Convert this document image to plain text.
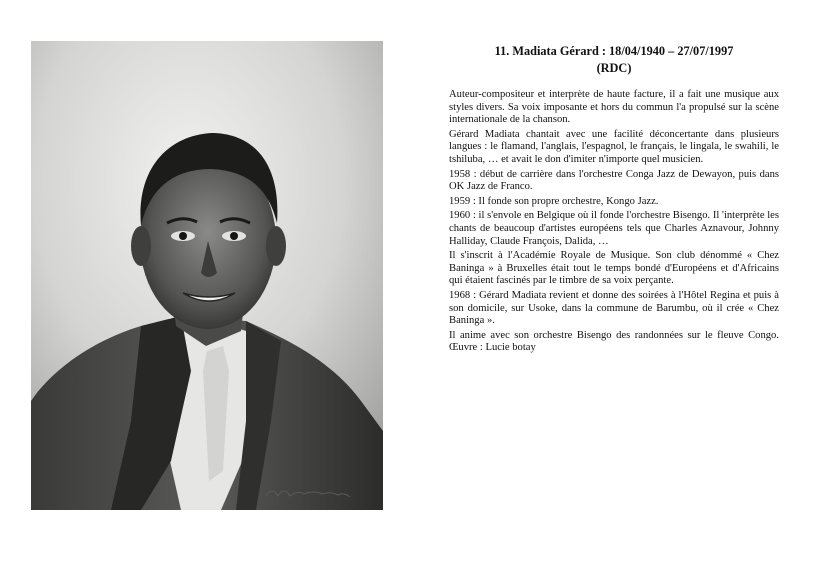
11. Madiata Gérard : 18/04/1940 – 27/07/1997
(RDC)

Auteur-compositeur et interprète de haute facture, il a fait une musique aux styles divers. Sa voix imposante et hors du commun l'a propulsé sur la scène internationale de la chanson.

Gérard Madiata chantait avec une facilité déconcertante dans plusieurs langues : le flamand, l'anglais, l'espagnol, le français, le lingala, le swahili, le tshiluba, … et avait le don d'imiter n'importe quel musicien.

1958 : début de carrière dans l'orchestre Conga Jazz de Dewayon, puis dans OK Jazz de Franco.

1959 : Il fonde son propre orchestre, Kongo Jazz.

1960 : il s'envole en Belgique où il fonde l'orchestre Bisengo. Il 'interprète les chants de beaucoup d'artistes européens tels que Charles Aznavour, Johnny Halliday, Claude François, Dalida, …

Il s'inscrit à l'Académie Royale de Musique. Son club dénommé « Chez Baninga » à Bruxelles était tout le temps bondé d'Européens et d'Africains qui étaient fascinés par le timbre de sa voix perçante.

1968 : Gérard Madiata revient et donne des soirées à l'Hôtel Regina et puis à son domicile, sur Usoke, dans la commune de Barumbu, où il crée « Chez Baninga ».

Il anime avec son orchestre Bisengo des randonnées sur le fleuve Congo. Œuvre : Lucie botay
